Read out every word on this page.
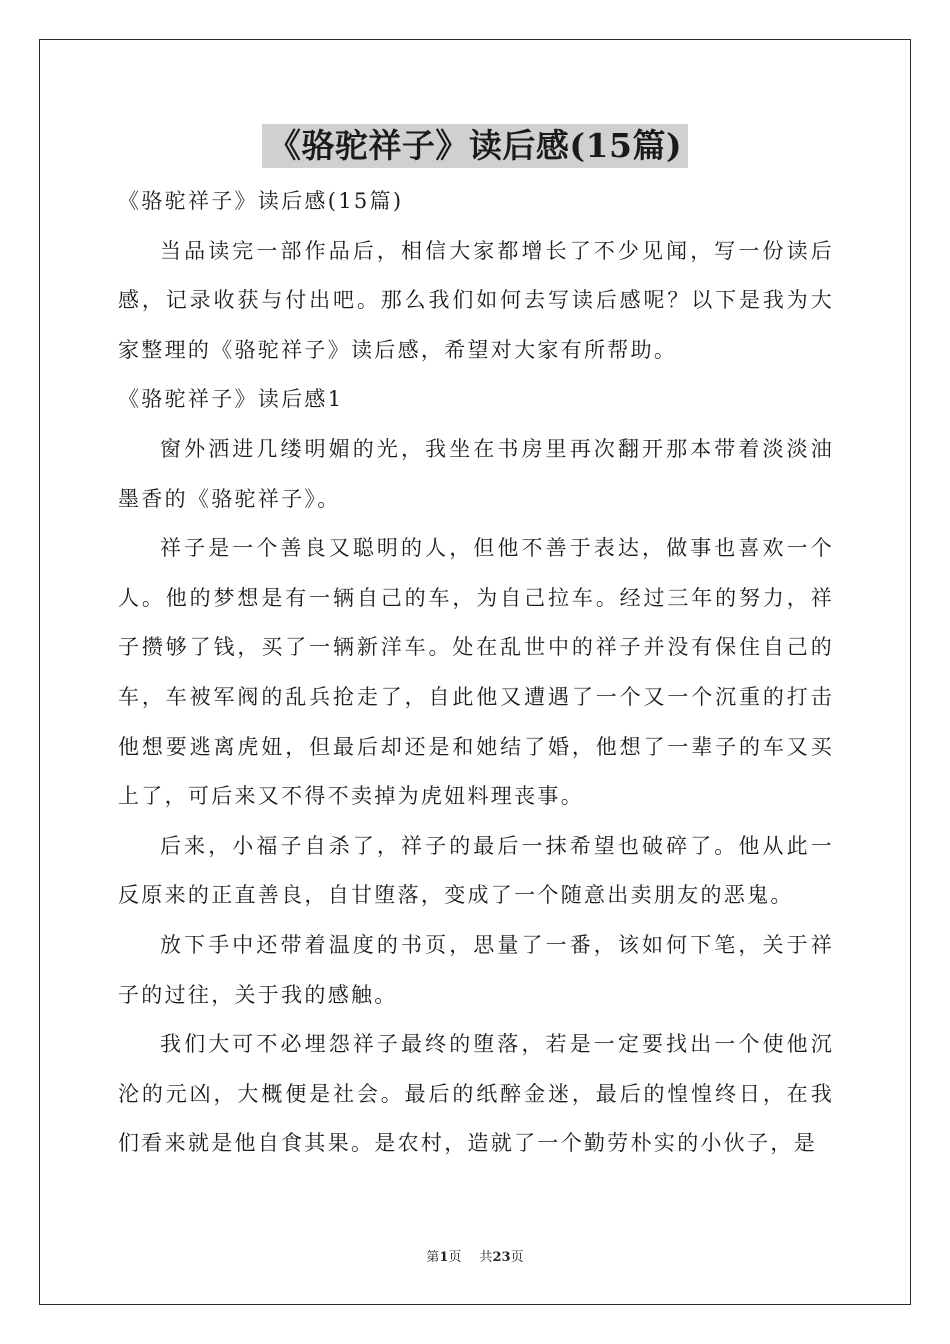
《骆驼祥子》读后感(15篇)

《骆驼祥子》读后感(15篇)

当品读完一部作品后，相信大家都增长了不少见闻，写一份读后感，记录收获与付出吧。那么我们如何去写读后感呢？以下是我为大家整理的《骆驼祥子》读后感，希望对大家有所帮助。

《骆驼祥子》读后感1

窗外洒进几缕明媚的光，我坐在书房里再次翻开那本带着淡淡油墨香的《骆驼祥子》。

祥子是一个善良又聪明的人，但他不善于表达，做事也喜欢一个人。他的梦想是有一辆自己的车，为自己拉车。经过三年的努力，祥子攒够了钱，买了一辆新洋车。处在乱世中的祥子并没有保住自己的车，车被军阀的乱兵抢走了，自此他又遭遇了一个又一个沉重的打击他想要逃离虎妞，但最后却还是和她结了婚，他想了一辈子的车又买上了，可后来又不得不卖掉为虎妞料理丧事。

后来，小福子自杀了，祥子的最后一抹希望也破碎了。他从此一反原来的正直善良，自甘堕落，变成了一个随意出卖朋友的恶鬼。

放下手中还带着温度的书页，思量了一番，该如何下笔，关于祥子的过往，关于我的感触。

我们大可不必埋怨祥子最终的堕落，若是一定要找出一个使他沉沦的元凶，大概便是社会。最后的纸醉金迷，最后的惶惶终日，在我们看来就是他自食其果。是农村，造就了一个勤劳朴实的小伙子，是

第1页 共23页
